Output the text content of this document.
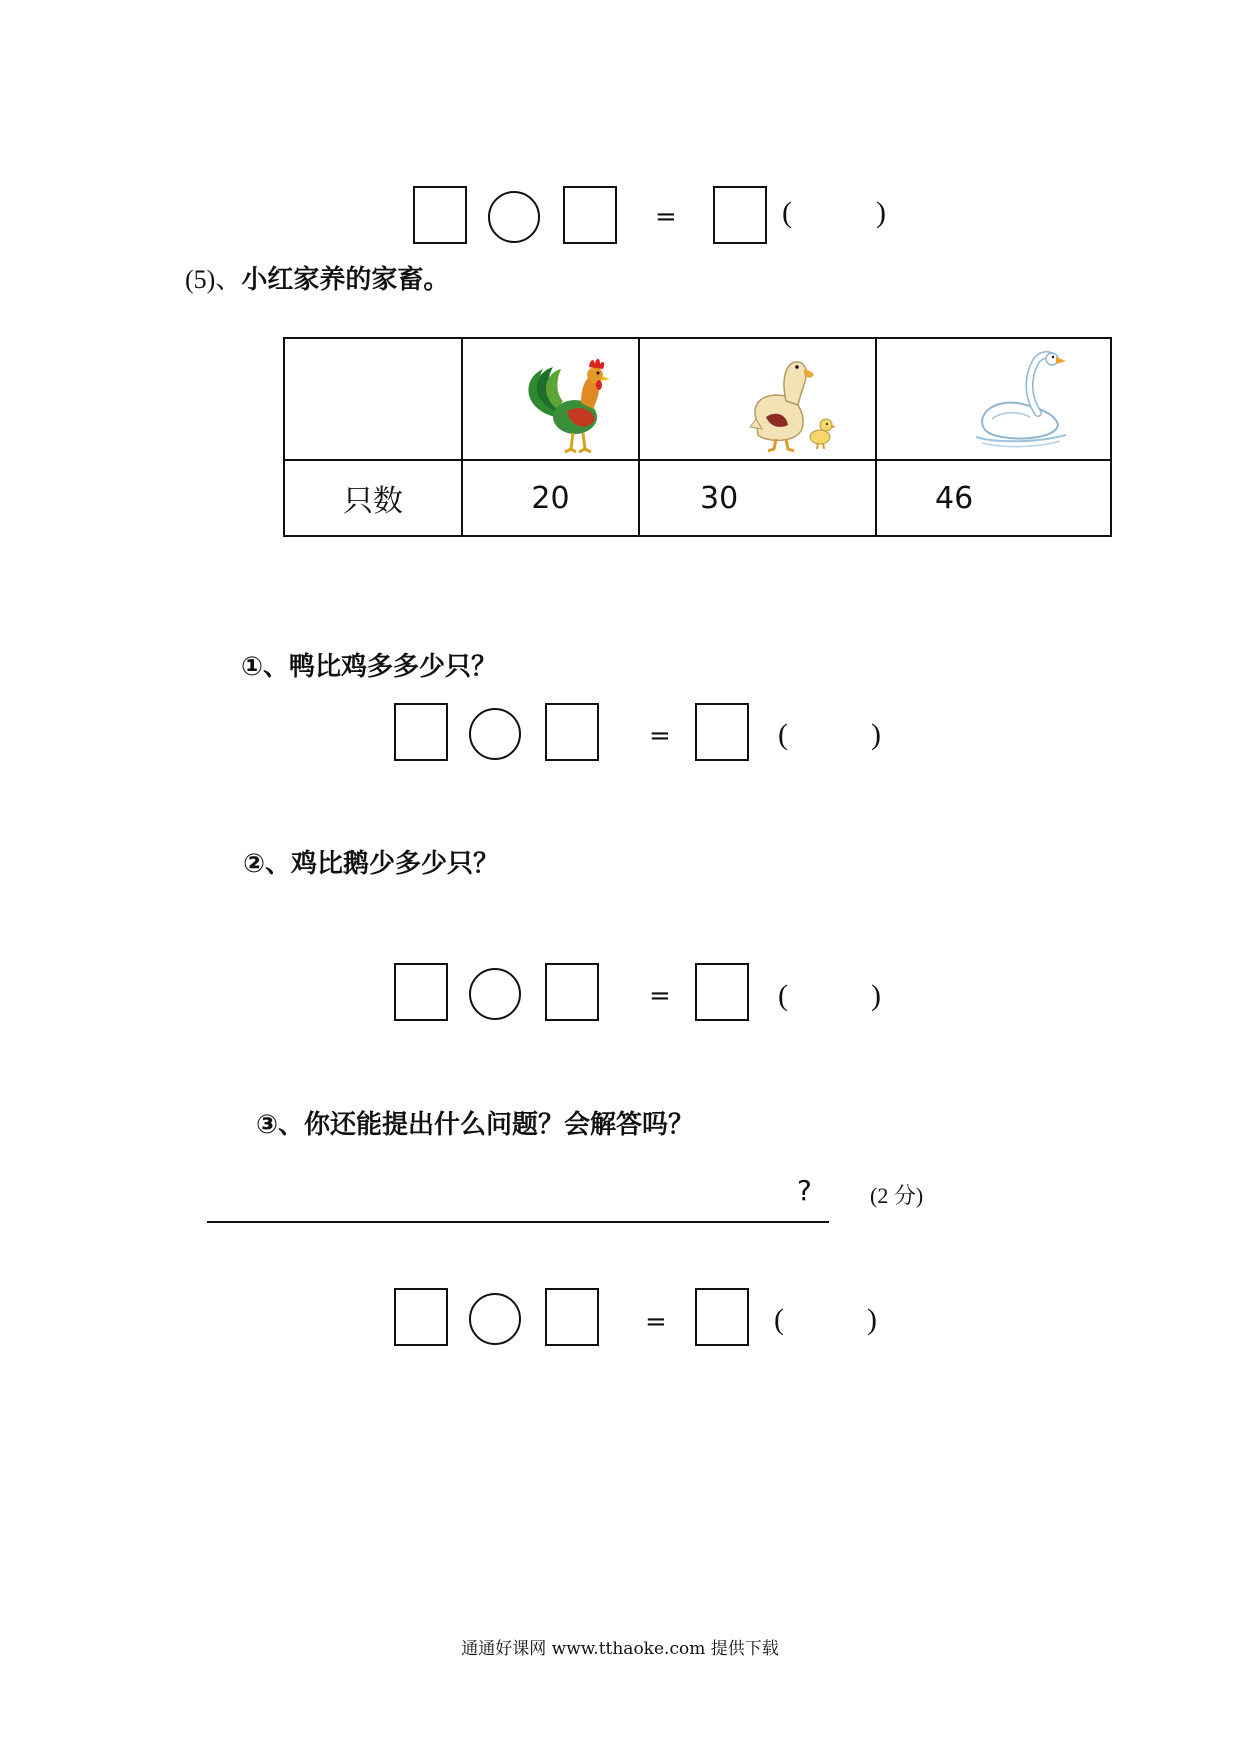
=	(	)
(5)、小红家养的家畜。

只数	20	30	46
①、鸭比鸡多多少只？
=	(	)
②、鸡比鹅少多少只？
=	(	)
③、你还能提出什么问题？会解答吗？
?	(2 分)
=	(	)
通通好课网 www.tthaoke.com 提供下载
